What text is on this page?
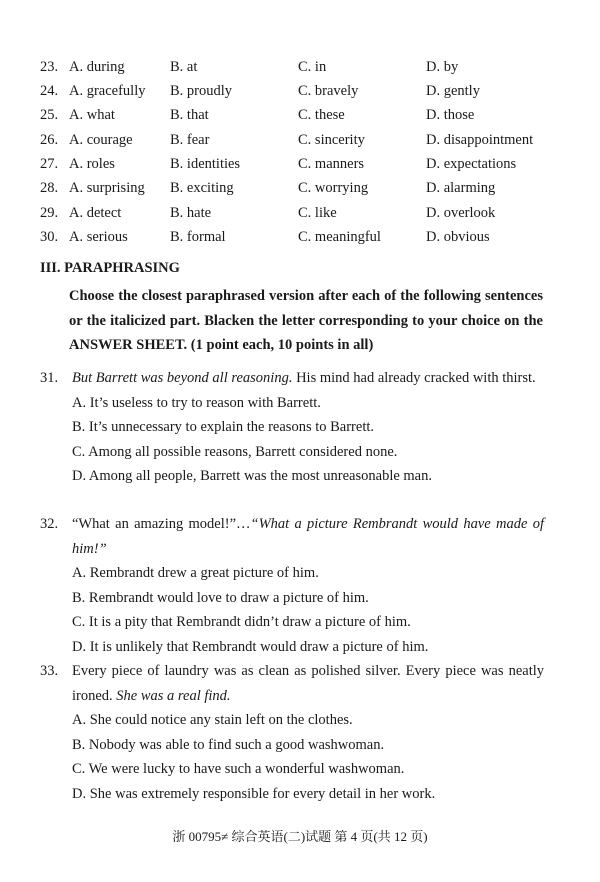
23. A. during	B. at	C. in	D. by
24. A. gracefully B. proudly	C. bravely	D. gently
25. A. what	B. that	C. these	D. those
26. A. courage	B. fear	C. sincerity	D. disappointment
27. A. roles	B. identities	C. manners	D. expectations
28. A. surprising B. exciting	C. worrying	D. alarming
29. A. detect	B. hate	C. like	D. overlook
30. A. serious	B. formal	C. meaningful	D. obvious
III. PARAPHRASING
Choose the closest paraphrased version after each of the following sentences or the italicized part. Blacken the letter corresponding to your choice on the ANSWER SHEET. (1 point each, 10 points in all)
31. But Barrett was beyond all reasoning. His mind had already cracked with thirst.
A. It’s useless to try to reason with Barrett.
B. It’s unnecessary to explain the reasons to Barrett.
C. Among all possible reasons, Barrett considered none.
D. Among all people, Barrett was the most unreasonable man.
32. “What an amazing model!”…“What a picture Rembrandt would have made of him!”
A. Rembrandt drew a great picture of him.
B. Rembrandt would love to draw a picture of him.
C. It is a pity that Rembrandt didn’t draw a picture of him.
D. It is unlikely that Rembrandt would draw a picture of him.
33. Every piece of laundry was as clean as polished silver. Every piece was neatly ironed. She was a real find.
A. She could notice any stain left on the clothes.
B. Nobody was able to find such a good washwoman.
C. We were lucky to have such a wonderful washwoman.
D. She was extremely responsible for every detail in her work.
浙 00795≠ 综合英语(二)试题 第 4 页(共 12 页)
